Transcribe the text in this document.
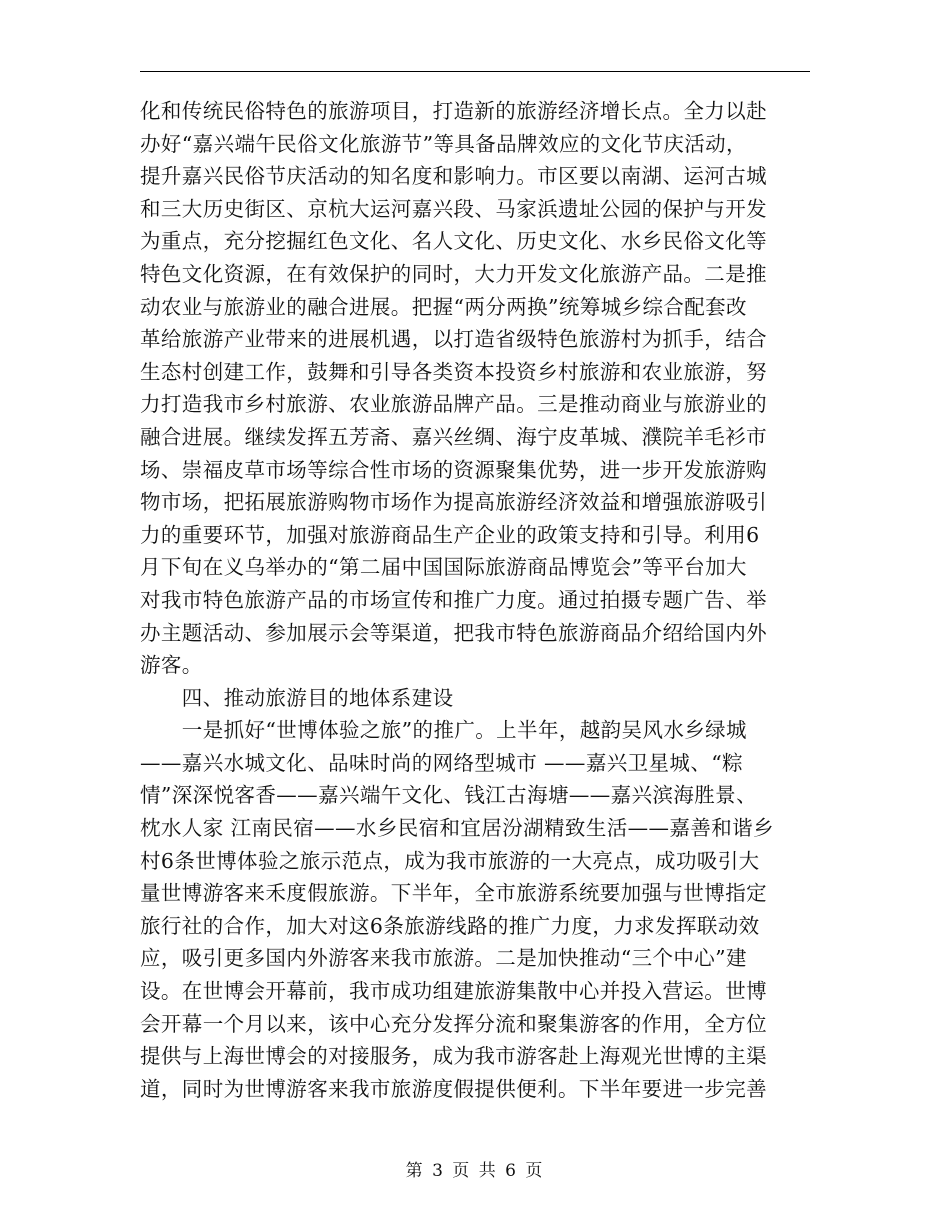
化和传统民俗特色的旅游项目，打造新的旅游经济增长点。全力以赴
办好“嘉兴端午民俗文化旅游节”等具备品牌效应的文化节庆活动，
提升嘉兴民俗节庆活动的知名度和影响力。市区要以南湖、运河古城
和三大历史街区、京杭大运河嘉兴段、马家浜遗址公园的保护与开发
为重点，充分挖掘红色文化、名人文化、历史文化、水乡民俗文化等
特色文化资源，在有效保护的同时，大力开发文化旅游产品。二是推
动农业与旅游业的融合进展。把握“两分两换”统筹城乡综合配套改
革给旅游产业带来的进展机遇，以打造省级特色旅游村为抓手，结合
生态村创建工作，鼓舞和引导各类资本投资乡村旅游和农业旅游，努
力打造我市乡村旅游、农业旅游品牌产品。三是推动商业与旅游业的
融合进展。继续发挥五芳斋、嘉兴丝绸、海宁皮革城、濮院羊毛衫市
场、崇福皮草市场等综合性市场的资源聚集优势，进一步开发旅游购
物市场，把拓展旅游购物市场作为提高旅游经济效益和增强旅游吸引
力的重要环节，加强对旅游商品生产企业的政策支持和引导。利用6
月下旬在义乌举办的“第二届中国国际旅游商品博览会”等平台加大
对我市特色旅游产品的市场宣传和推广力度。通过拍摄专题广告、举
办主题活动、参加展示会等渠道，把我市特色旅游商品介绍给国内外
游客。
　　四、推动旅游目的地体系建设
　　一是抓好“世博体验之旅”的推广。上半年，越韵吴风水乡绿城
——嘉兴水城文化、品味时尚的网络型城市 ——嘉兴卫星城、“粽
情”深深悦客香——嘉兴端午文化、钱江古海塘——嘉兴滨海胜景、
枕水人家 江南民宿——水乡民宿和宜居汾湖精致生活——嘉善和谐乡
村6条世博体验之旅示范点，成为我市旅游的一大亮点，成功吸引大
量世博游客来禾度假旅游。下半年，全市旅游系统要加强与世博指定
旅行社的合作，加大对这6条旅游线路的推广力度，力求发挥联动效
应，吸引更多国内外游客来我市旅游。二是加快推动“三个中心”建
设。在世博会开幕前，我市成功组建旅游集散中心并投入营运。世博
会开幕一个月以来，该中心充分发挥分流和聚集游客的作用，全方位
提供与上海世博会的对接服务，成为我市游客赴上海观光世博的主渠
道，同时为世博游客来我市旅游度假提供便利。下半年要进一步完善
第 3 页 共 6 页
